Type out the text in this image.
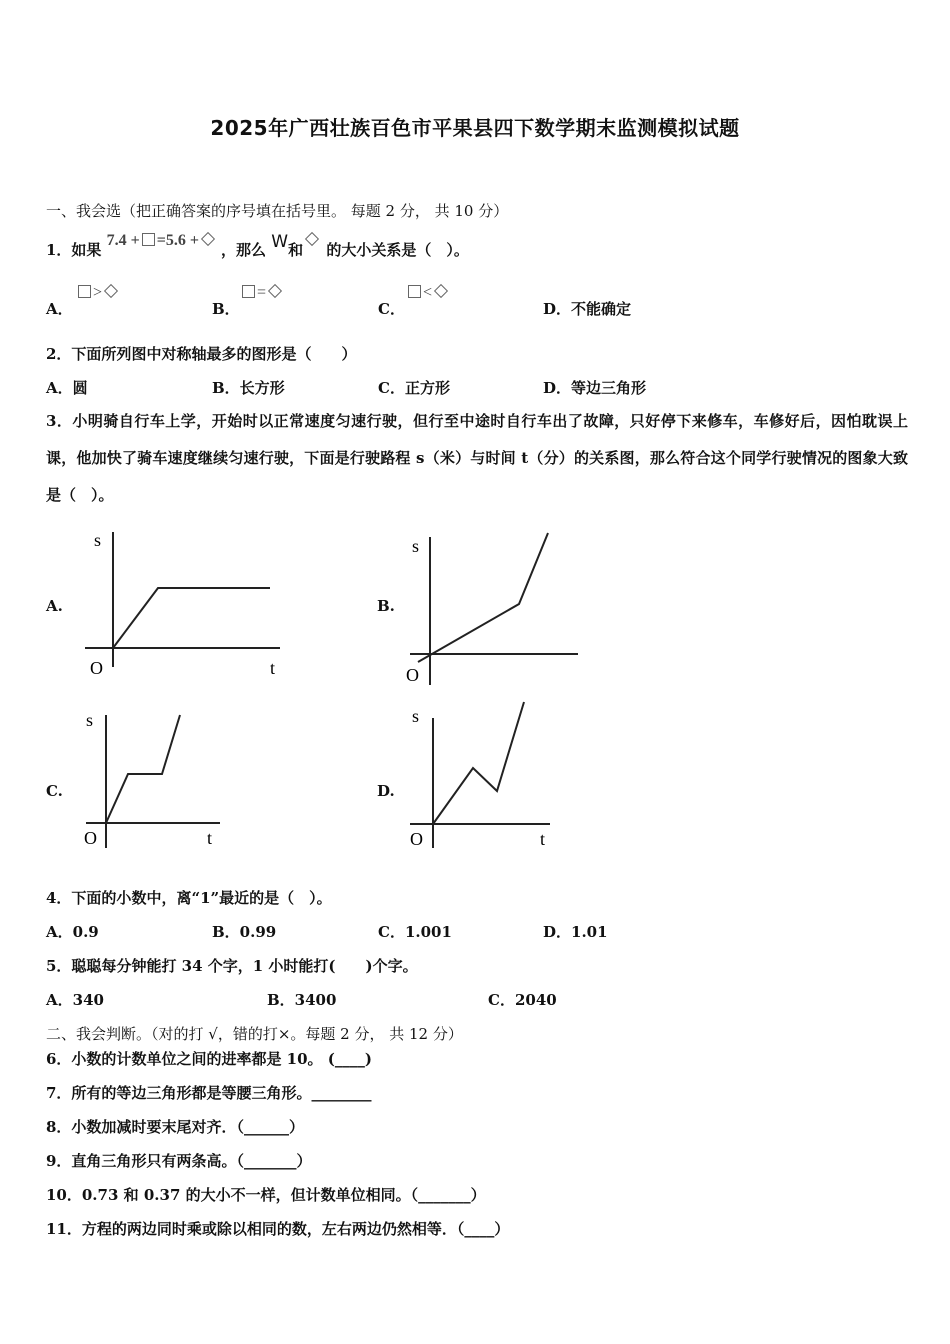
2025年广西壮族百色市平果县四下数学期末监测模拟试题
一、我会选（把正确答案的序号填在括号里。 每题 2 分， 共 10 分）
1．如果 7.4 + =5.6 + ，那么 W和 的大小关系是（　）。
A．
>
B．
=
C．
<
D．不能确定
2．下面所列图中对称轴最多的图形是（　　）
A．圆	B．长方形	C．正方形	D．等边三角形
3．小明骑自行车上学，开始时以正常速度匀速行驶，但行至中途时自行车出了故障，只好停下来修车，车修好后，因怕耽误上课，他加快了骑车速度继续匀速行驶，下面是行驶路程 s（米）与时间 t（分）的关系图，那么符合这个同学行驶情况的图象大致是（　）。
A.
s
t
O
B.
s
O
C.
s
t
O
D.
s
t
O
4．下面的小数中，离“1”最近的是（　）。
A．0.9	B．0.99	C．1.001	D．1.01
5．聪聪每分钟能打 34 个字，1 小时能打(　　)个字。
A．340	B．3400	C．2040
二、我会判断。（对的打 √，错的打×。每题 2 分， 共 12 分）
6．小数的计数单位之间的进率都是 10。 (____)
7．所有的等边三角形都是等腰三角形。________
8．小数加减时要末尾对齐．（______）
9．直角三角形只有两条高。（_______）
10．0.73 和 0.37 的大小不一样，但计数单位相同。（_______）
11．方程的两边同时乘或除以相同的数，左右两边仍然相等．（____）
